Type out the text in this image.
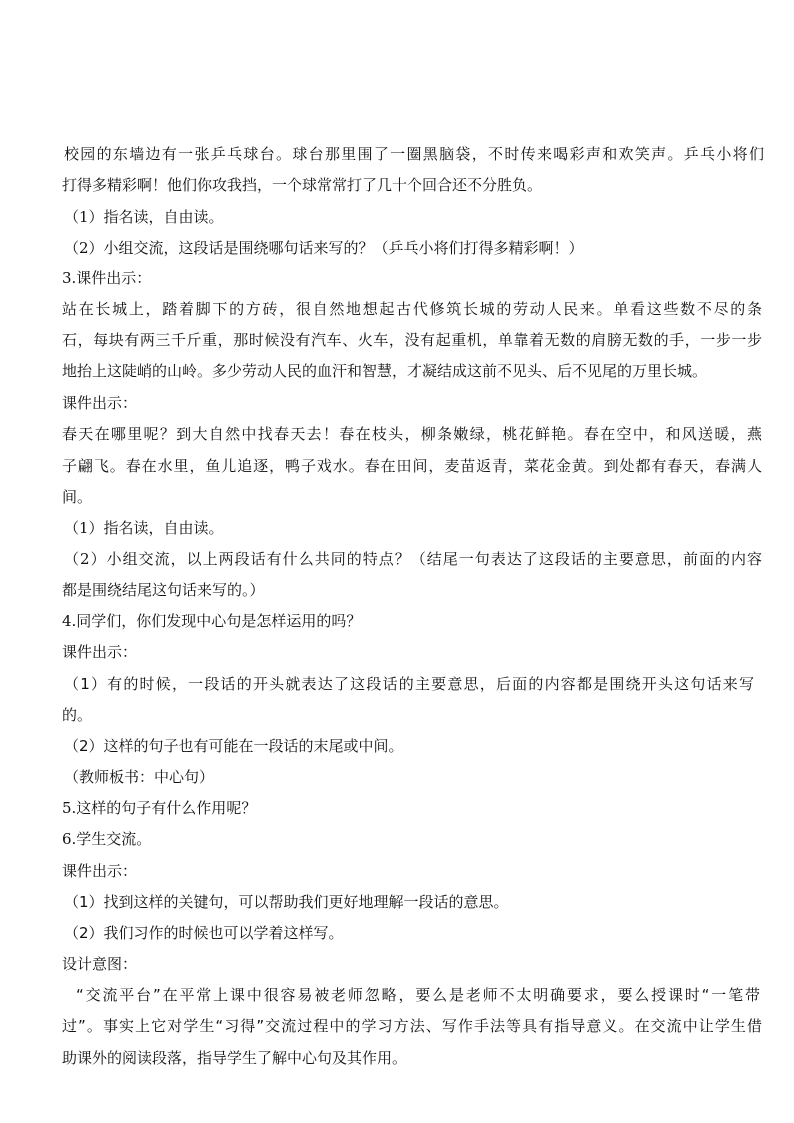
校园的东墙边有一张乒乓球台。球台那里围了一圈黑脑袋，不时传来喝彩声和欢笑声。乒乓小将们
打得多精彩啊！他们你攻我挡，一个球常常打了几十个回合还不分胜负。
（1）指名读，自由读。
（2）小组交流，这段话是围绕哪句话来写的？（乒乓小将们打得多精彩啊！）
3.课件出示：
站在长城上，踏着脚下的方砖，很自然地想起古代修筑长城的劳动人民来。单看这些数不尽的条
石，每块有两三千斤重，那时候没有汽车、火车，没有起重机，单靠着无数的肩膀无数的手，一步一步
地抬上这陡峭的山岭。多少劳动人民的血汗和智慧，才凝结成这前不见头、后不见尾的万里长城。
课件出示：
春天在哪里呢？到大自然中找春天去！春在枝头，柳条嫩绿，桃花鲜艳。春在空中，和风送暖，燕
子翩飞。春在水里，鱼儿追逐，鸭子戏水。春在田间，麦苗返青，菜花金黄。到处都有春天，春满人
间。
（1）指名读，自由读。
（2）小组交流，以上两段话有什么共同的特点？（结尾一句表达了这段话的主要意思，前面的内容
都是围绕结尾这句话来写的。）
4.同学们，你们发现中心句是怎样运用的吗？
课件出示：
（1）有的时候，一段话的开头就表达了这段话的主要意思，后面的内容都是围绕开头这句话来写
的。
（2）这样的句子也有可能在一段话的末尾或中间。
（教师板书：中心句）
5.这样的句子有什么作用呢？
6.学生交流。
课件出示：
（1）找到这样的关键句，可以帮助我们更好地理解一段话的意思。
（2）我们习作的时候也可以学着这样写。
设计意图：
“交流平台”在平常上课中很容易被老师忽略，要么是老师不太明确要求，要么授课时“一笔带
过”。事实上它对学生“习得”交流过程中的学习方法、写作手法等具有指导意义。在交流中让学生借
助课外的阅读段落，指导学生了解中心句及其作用。
